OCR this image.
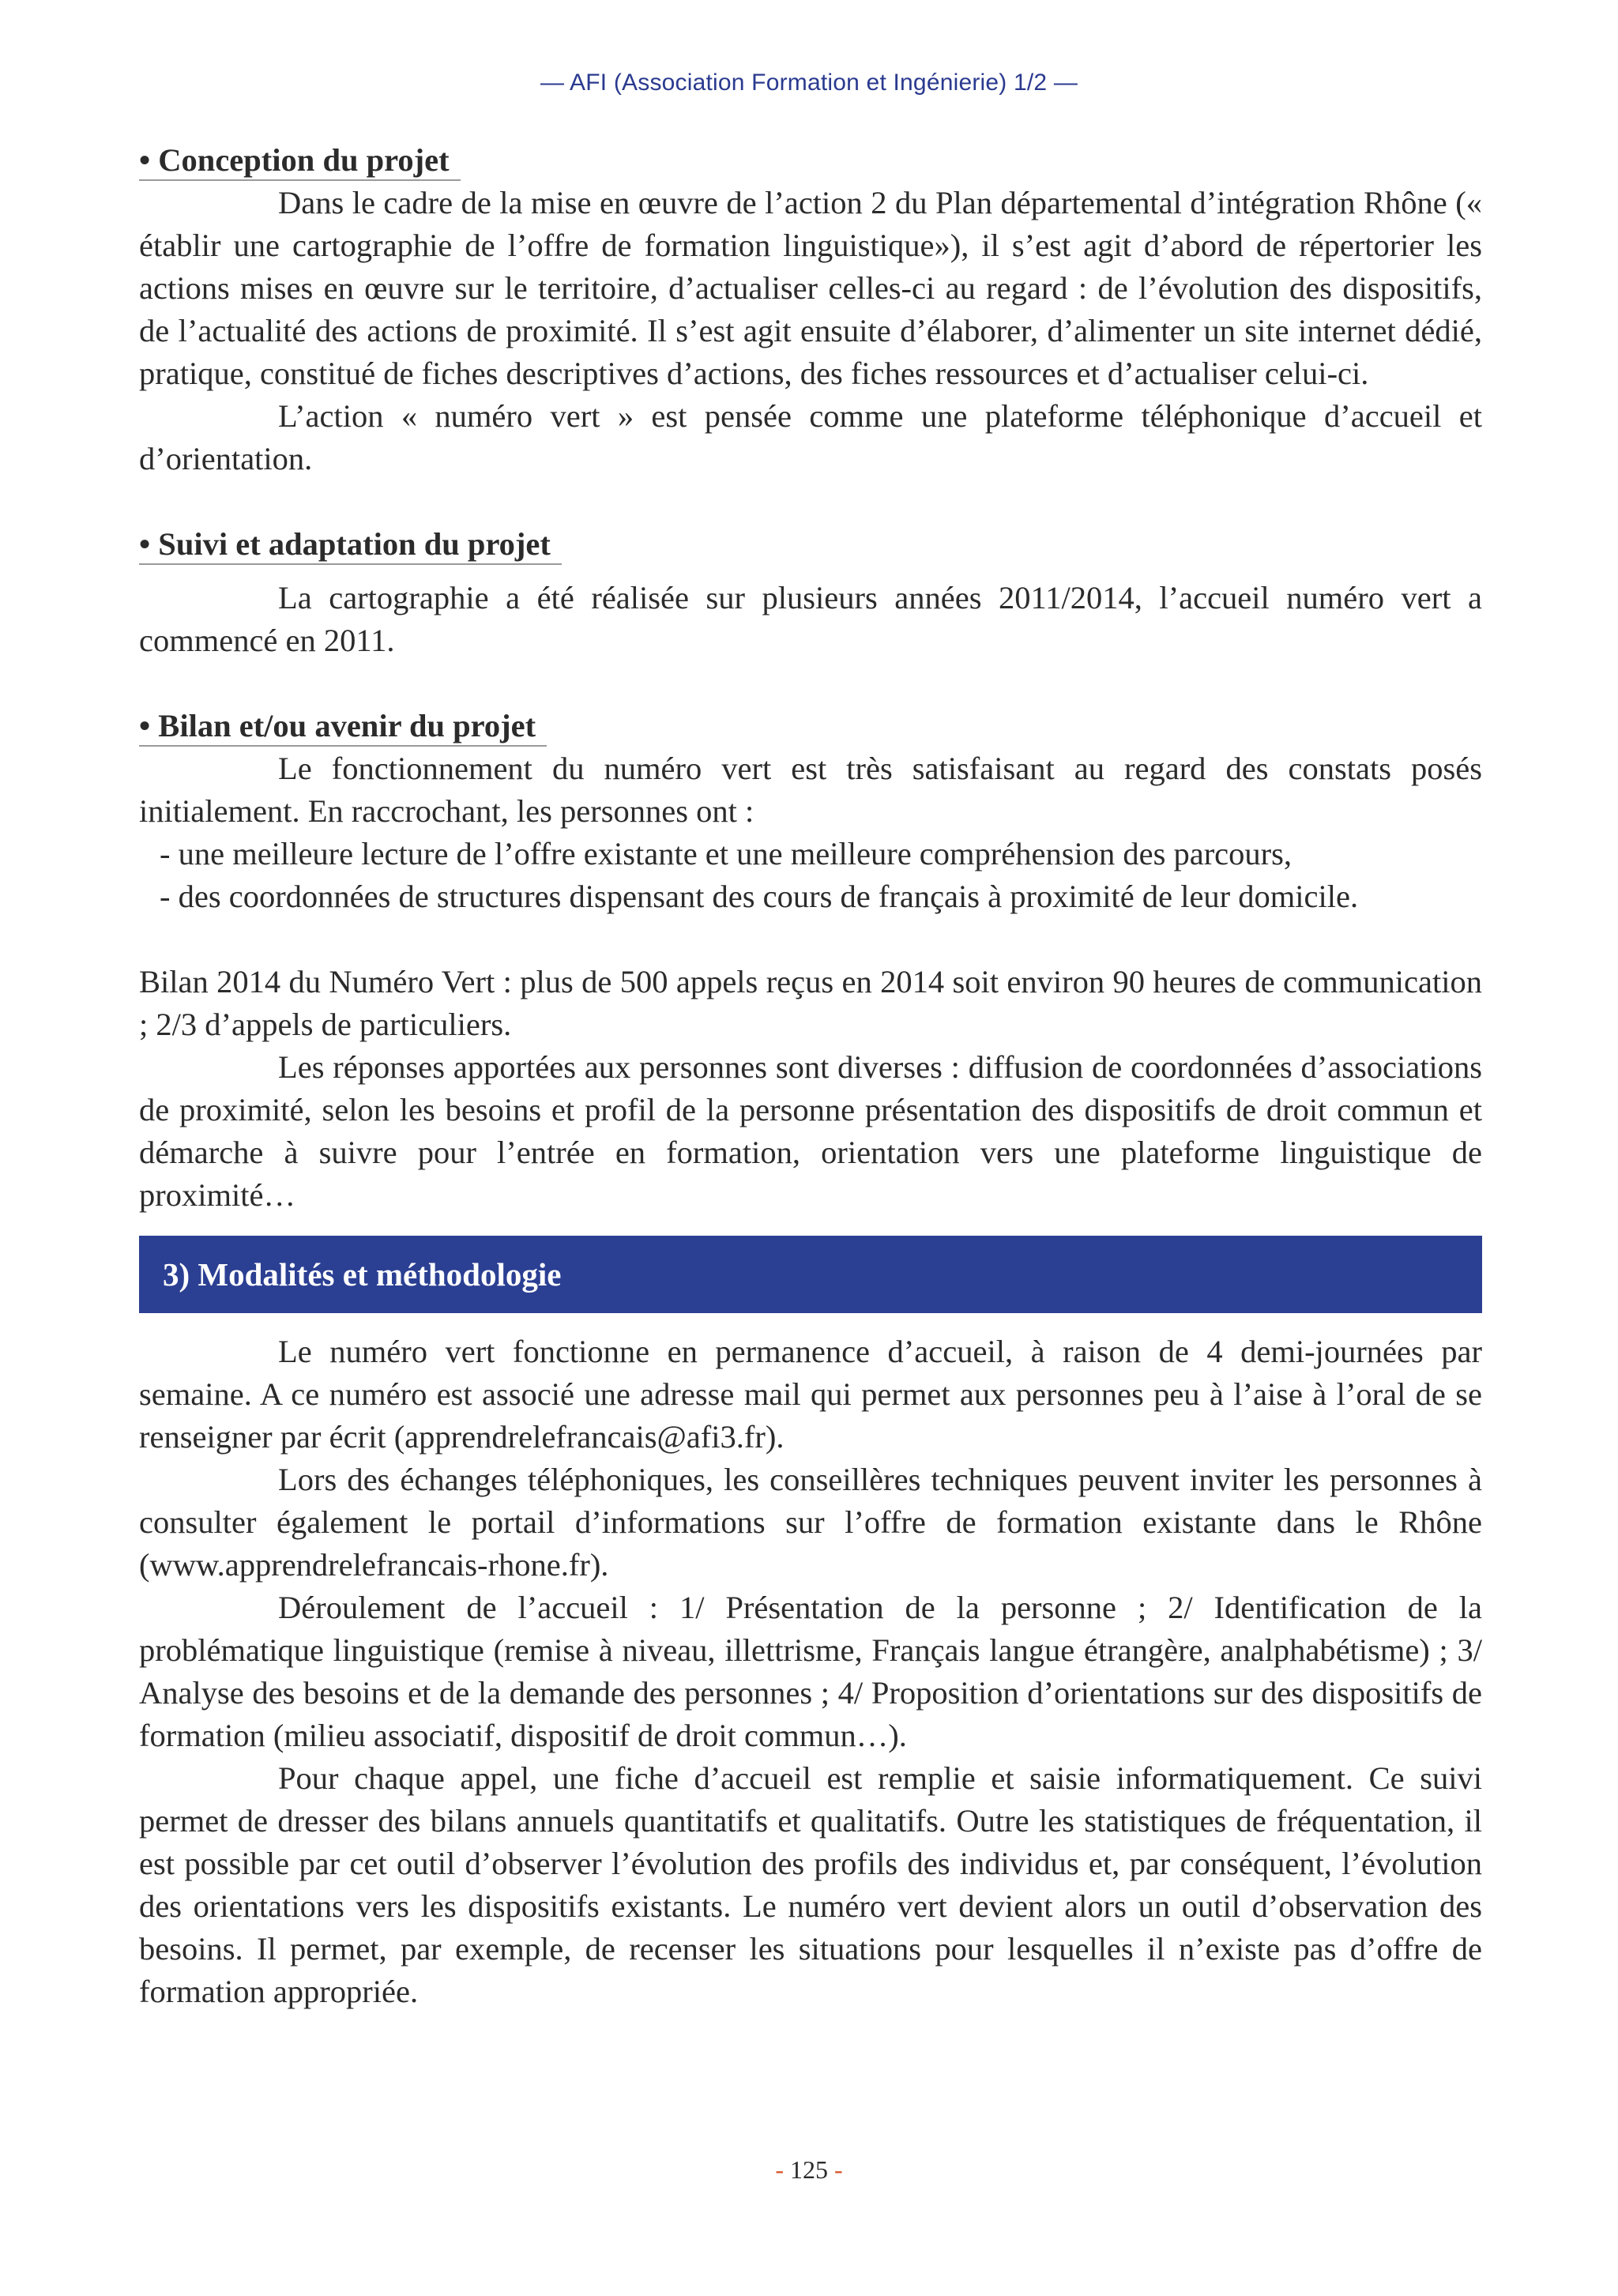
— AFI (Association Formation et Ingénierie) 1/2 —
• Conception du projet

Dans le cadre de la mise en œuvre de l’action 2 du Plan départemental d’intégration Rhône (« établir une cartographie de l’offre de formation linguistique»), il s’est agit d’abord de répertorier les actions mises en œuvre sur le territoire, d’actualiser celles-ci au regard : de l’évolution des dispositifs, de l’actualité des actions de proximité. Il s’est agit ensuite d’élaborer, d’alimenter un site internet dédié, pratique, constitué de fiches descriptives d’actions, des fiches ressources et d’actualiser celui-ci.

L’action « numéro vert » est pensée comme une plateforme téléphonique d’accueil et d’orientation.

• Suivi et adaptation du projet

La cartographie a été réalisée sur plusieurs années 2011/2014, l’accueil numéro vert a commencé en 2011.

• Bilan et/ou avenir du projet

Le fonctionnement du numéro vert est très satisfaisant au regard des constats posés initialement. En raccrochant, les personnes ont :

- une meilleure lecture de l’offre existante et une meilleure compréhension des parcours,
- des coordonnées de structures dispensant des cours de français à proximité de leur domicile.

Bilan 2014 du Numéro Vert : plus de 500 appels reçus en 2014 soit environ 90 heures de communication ; 2/3 d’appels de particuliers.

Les réponses apportées aux personnes sont diverses : diffusion de coordonnées d’associations de proximité, selon les besoins et profil de la personne présentation des dispositifs de droit commun et démarche à suivre pour l’entrée en formation, orientation vers une plateforme linguistique de proximité…

3) Modalités et méthodologie

Le numéro vert fonctionne en permanence d’accueil, à raison de 4 demi-journées par semaine. A ce numéro est associé une adresse mail qui permet aux personnes peu à l’aise à l’oral de se renseigner par écrit (apprendrelefrancais@afi3.fr).

Lors des échanges téléphoniques, les conseillères techniques peuvent inviter les personnes à consulter également le portail d’informations sur l’offre de formation existante dans le Rhône (www.apprendrelefrancais-rhone.fr).

Déroulement de l’accueil : 1/ Présentation de la personne ; 2/ Identification de la problématique linguistique (remise à niveau, illettrisme, Français langue étrangère, analphabétisme) ; 3/ Analyse des besoins et de la demande des personnes ; 4/ Proposition d’orientations sur des dispositifs de formation (milieu associatif, dispositif de droit commun…).

Pour chaque appel, une fiche d’accueil est remplie et saisie informatiquement. Ce suivi permet de dresser des bilans annuels quantitatifs et qualitatifs. Outre les statistiques de fréquentation, il est possible par cet outil d’observer l’évolution des profils des individus et, par conséquent, l’évolution des orientations vers les dispositifs existants. Le numéro vert devient alors un outil d’observation des besoins. Il permet, par exemple, de recenser les situations pour lesquelles il n’existe pas d’offre de formation appropriée.

- 125 -
